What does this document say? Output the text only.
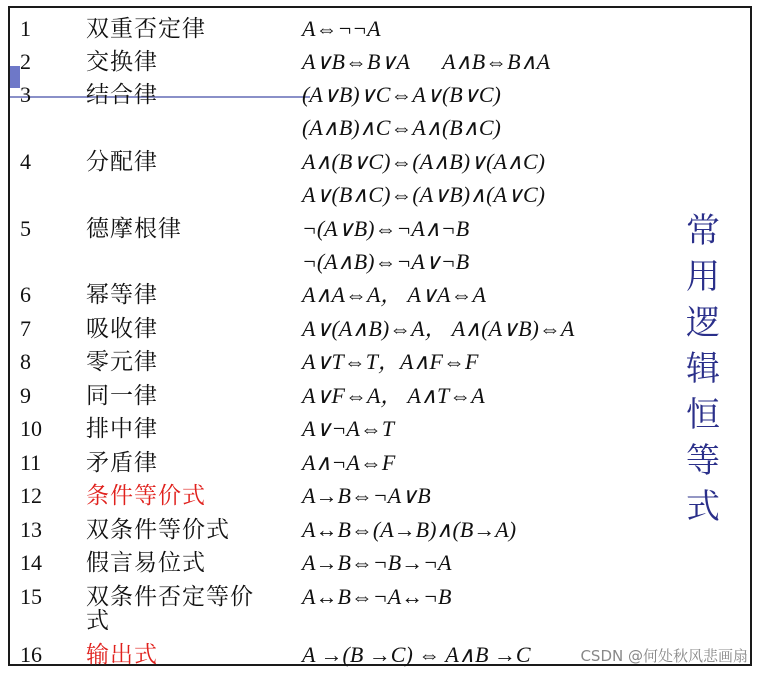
1	双重否定律	A⇔¬¬A
2	交换律	A∨B⇔B∨A      A∧B⇔B∧A
3	结合律	(A∨B)∨C⇔A∨(B∨C)
(A∧B)∧C⇔A∧(B∧C)
4	分配律	A∧(B∨C)⇔(A∧B)∨(A∧C)
A∨(B∧C)⇔(A∨B)∧(A∨C)
5	德摩根律	¬(A∨B)⇔¬A∧¬B
¬(A∧B)⇔¬A∨¬B
6	幂等律	A∧A⇔A， A∨A⇔A
7	吸收律	A∨(A∧B)⇔A， A∧(A∨B)⇔A
8	零元律	A∨T⇔T，A∧F⇔F
9	同一律	A∨F⇔A， A∧T⇔A
10	排中律	A∨¬A⇔T
11	矛盾律	A∧¬A⇔F
12	条件等价式	A→B⇔¬A∨B
13	双条件等价式	A↔B⇔(A→B)∧(B→A)
14	假言易位式	A→B⇔¬B→¬A
15	双条件否定等价	A↔B⇔¬A↔¬B
式
16	输出式	A →(B →C) ⇔ A∧B →C
常用逻辑恒等式
CSDN @何处秋风悲画扇
